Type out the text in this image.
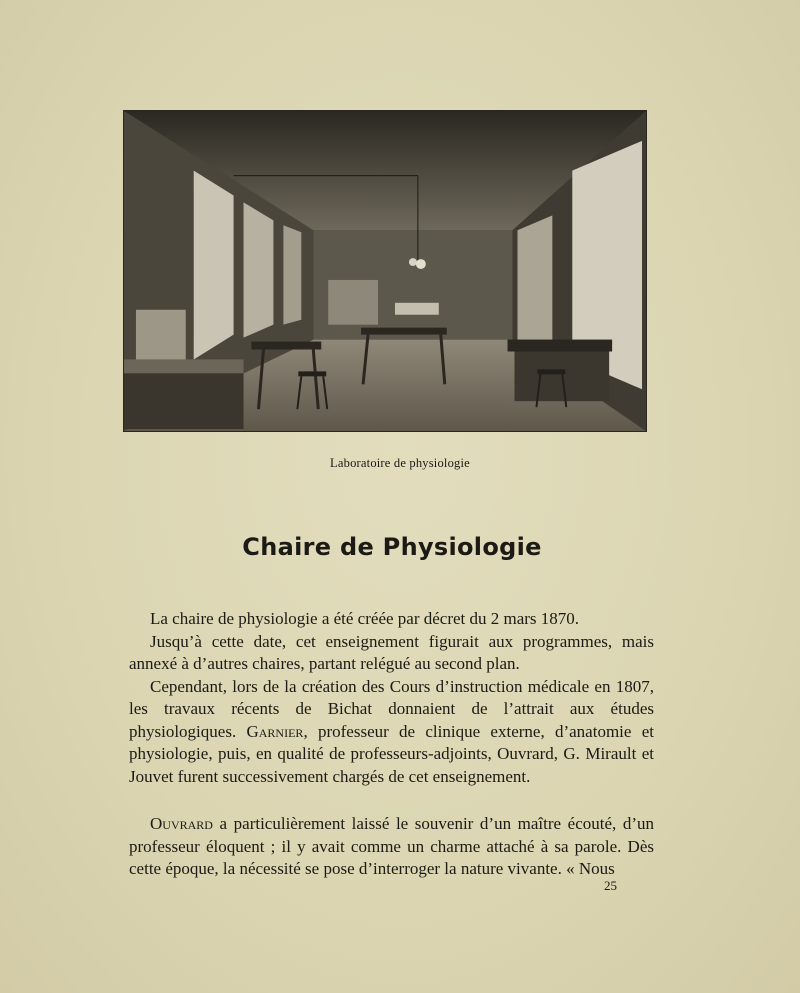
Laboratoire de physiologie
Chaire de Physiologie

La chaire de physiologie a été créée par décret du 2 mars 1870.

Jusqu’à cette date, cet enseignement figurait aux programmes, mais annexé à d’autres chaires, partant relégué au second plan.

Cependant, lors de la création des Cours d’instruction médicale en 1807, les travaux récents de Bichat donnaient de l’attrait aux études physiologiques. Garnier, professeur de clinique externe, d’anatomie et physiologie, puis, en qualité de professeurs-adjoints, Ouvrard, G. Mirault et Jouvet furent successivement chargés de cet enseignement.

Ouvrard a particulièrement laissé le souvenir d’un maître écouté, d’un professeur éloquent ; il y avait comme un charme attaché à sa parole. Dès cette époque, la nécessité se pose d’interroger la nature vivante. « Nous

25
